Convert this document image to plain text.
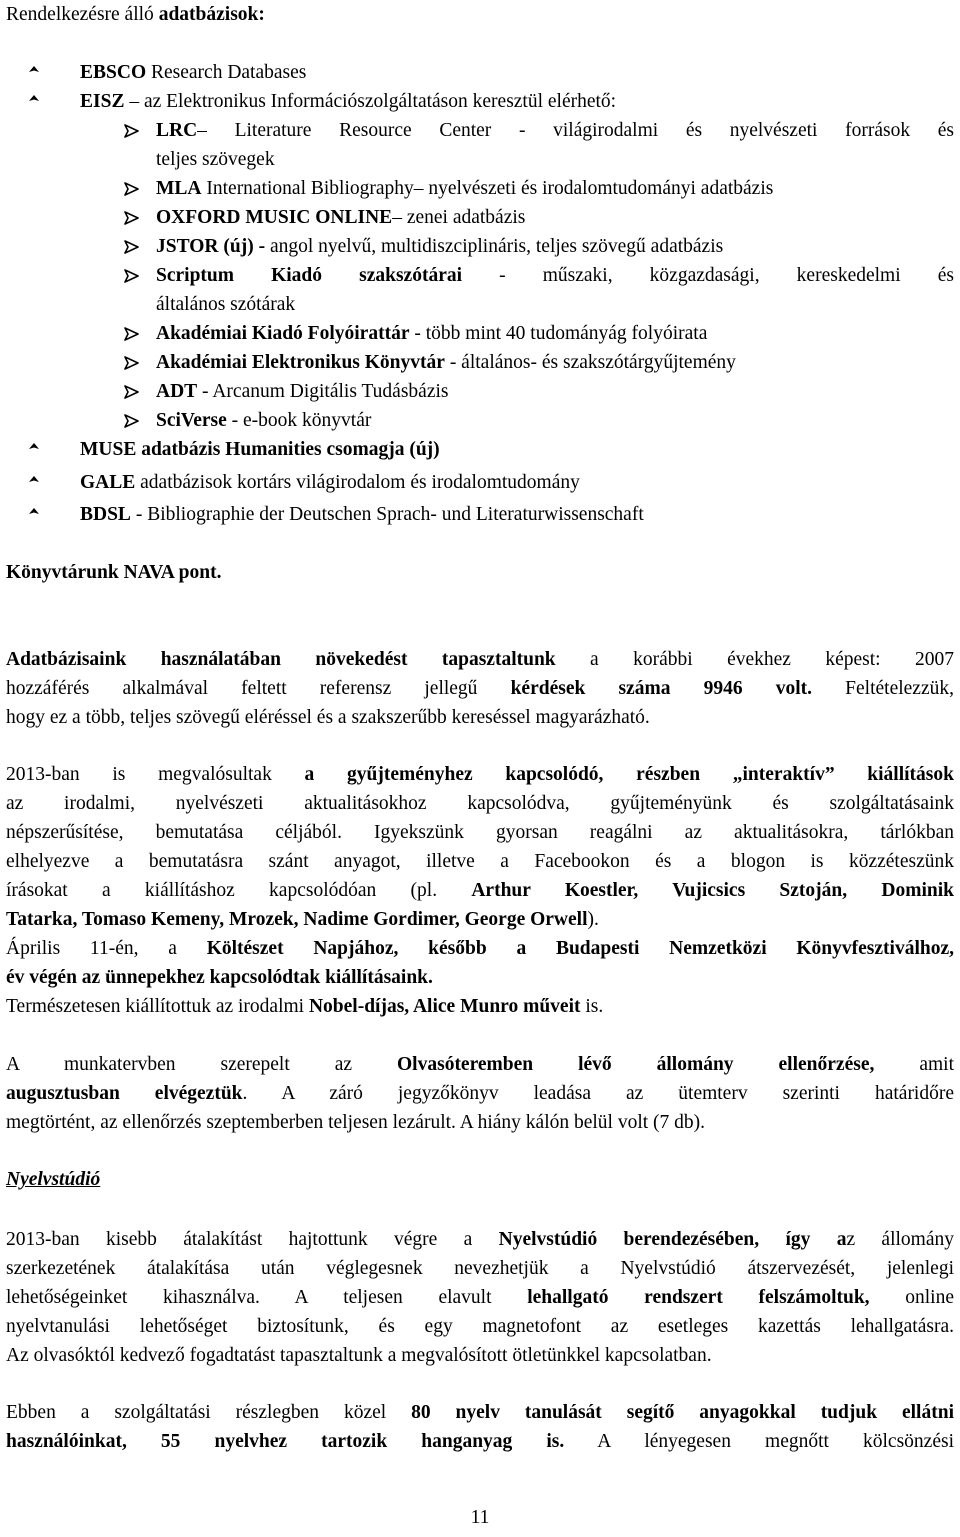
Rendelkezésre álló adatbázisok:
EBSCO Research Databases
EISZ – az Elektronikus Információszolgáltatáson keresztül elérhető:
LRC– Literature Resource Center - világirodalmi és nyelvészeti források és
teljes szövegek
MLA International Bibliography– nyelvészeti és irodalomtudományi adatbázis
OXFORD MUSIC ONLINE– zenei adatbázis
JSTOR (új) - angol nyelvű, multidiszciplináris, teljes szövegű adatbázis
Scriptum Kiadó szakszótárai - műszaki, közgazdasági, kereskedelmi és
általános szótárak
Akadémiai Kiadó Folyóirattár - több mint 40 tudományág folyóirata
Akadémiai Elektronikus Könyvtár - általános- és szakszótárgyűjtemény
ADT - Arcanum Digitális Tudásbázis
SciVerse - e-book könyvtár
MUSE adatbázis Humanities csomagja (új)
GALE adatbázisok kortárs világirodalom és irodalomtudomány
BDSL - Bibliographie der Deutschen Sprach- und Literaturwissenschaft
Könyvtárunk NAVA pont.
Adatbázisaink használatában növekedést tapasztaltunk a korábbi évekhez képest: 2007
hozzáférés alkalmával feltett referensz jellegű kérdések száma 9946 volt. Feltételezzük,
hogy ez a több, teljes szövegű eléréssel és a szakszerűbb kereséssel magyarázható.
2013-ban is megvalósultak a gyűjteményhez kapcsolódó, részben „interaktív” kiállítások
az irodalmi, nyelvészeti aktualitásokhoz kapcsolódva, gyűjteményünk és szolgáltatásaink
népszerűsítése, bemutatása céljából. Igyekszünk gyorsan reagálni az aktualitásokra, tárlókban
elhelyezve a bemutatásra szánt anyagot, illetve a Facebookon és a blogon is közzéteszünk
írásokat a kiállításhoz kapcsolódóan (pl. Arthur Koestler, Vujicsics Sztoján, Dominik
Tatarka, Tomaso Kemeny, Mrozek, Nadime Gordimer, George Orwell).
Április 11-én, a Költészet Napjához, később a Budapesti Nemzetközi Könyvfesztiválhoz,
év végén az ünnepekhez kapcsolódtak kiállításaink.
Természetesen kiállítottuk az irodalmi Nobel-díjas, Alice Munro műveit is.
A munkatervben szerepelt az Olvasóteremben lévő állomány ellenőrzése, amit
augusztusban elvégeztük. A záró jegyzőkönyv leadása az ütemterv szerinti határidőre
megtörtént, az ellenőrzés szeptemberben teljesen lezárult. A hiány kálón belül volt (7 db).
Nyelvstúdió
2013-ban kisebb átalakítást hajtottunk végre a Nyelvstúdió berendezésében, így az állomány
szerkezetének átalakítása után véglegesnek nevezhetjük a Nyelvstúdió átszervezését, jelenlegi
lehetőségeinket kihasználva. A teljesen elavult lehallgató rendszert felszámoltuk, online
nyelvtanulási lehetőséget biztosítunk, és egy magnetofont az esetleges kazettás lehallgatásra.
Az olvasóktól kedvező fogadtatást tapasztaltunk a megvalósított ötletünkkel kapcsolatban.
Ebben a szolgáltatási részlegben közel 80 nyelv tanulását segítő anyagokkal tudjuk ellátni
használóinkat, 55 nyelvhez tartozik hanganyag is. A lényegesen megnőtt kölcsönzési
11
